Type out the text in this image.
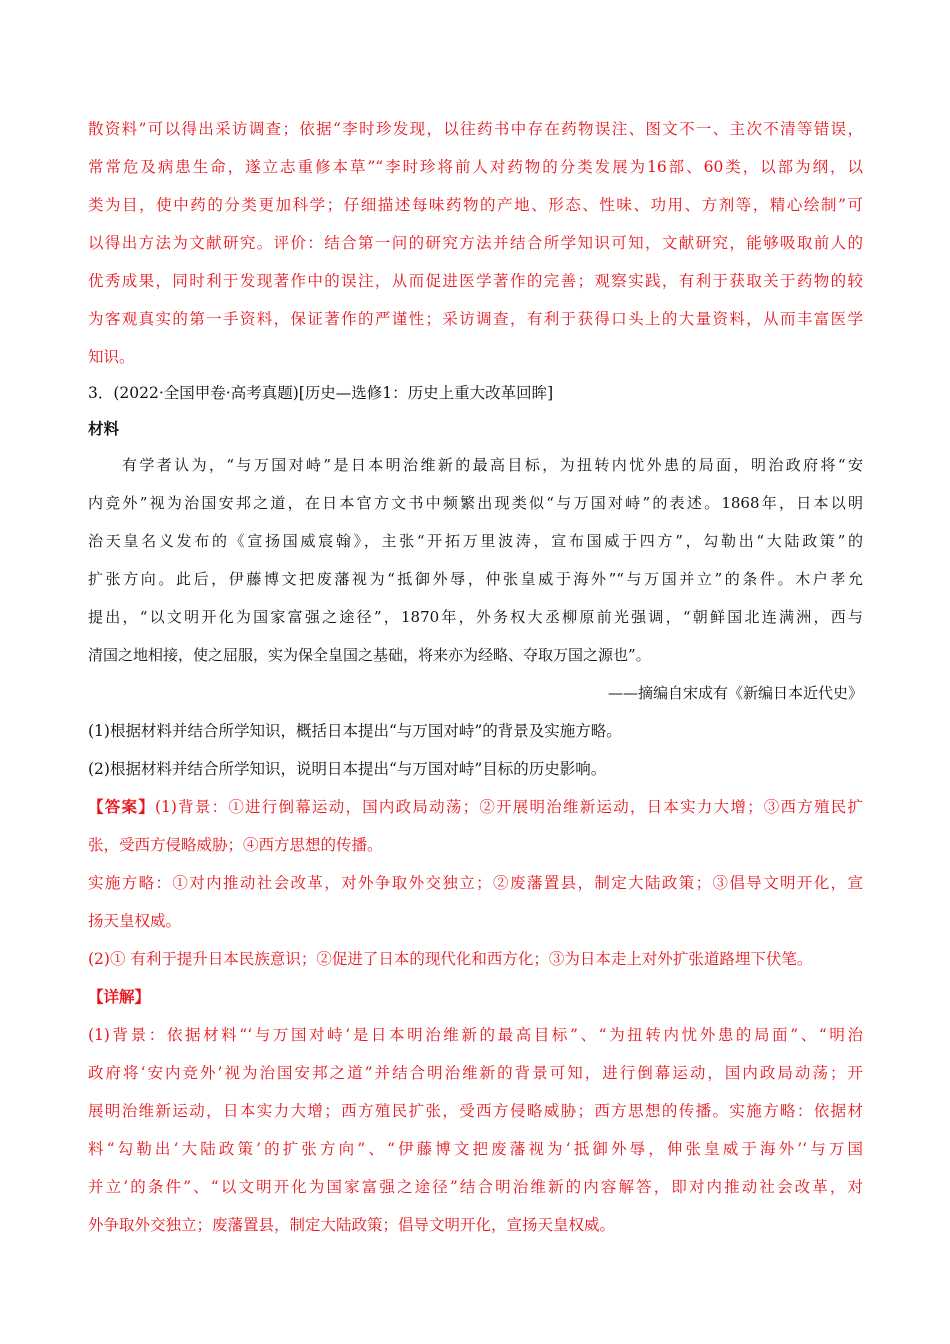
散资料”可以得出采访调查；依据“李时珍发现，以往药书中存在药物误注、图文不一、主次不清等错误，
常常危及病患生命，遂立志重修本草”“李时珍将前人对药物的分类发展为16部、60类，以部为纲，以
类为目，使中药的分类更加科学；仔细描述每味药物的产地、形态、性味、功用、方剂等，精心绘制”可
以得出方法为文献研究。评价：结合第一问的研究方法并结合所学知识可知，文献研究，能够吸取前人的
优秀成果，同时利于发现著作中的误注，从而促进医学著作的完善；观察实践，有利于获取关于药物的较
为客观真实的第一手资料，保证著作的严谨性；采访调查，有利于获得口头上的大量资料，从而丰富医学
知识。
3．(2022·全国甲卷·高考真题)[历史—选修1：历史上重大改革回眸]
材料
有学者认为，“与万国对峙”是日本明治维新的最高目标，为扭转内忧外患的局面，明治政府将“安
内竞外”视为治国安邦之道，在日本官方文书中频繁出现类似“与万国对峙”的表述。1868年，日本以明
治天皇名义发布的《宣扬国威宸翰》，主张“开拓万里波涛，宣布国威于四方”，勾勒出“大陆政策”的
扩张方向。此后，伊藤博文把废藩视为“抵御外辱，仲张皇威于海外”“与万国并立”的条件。木户孝允
提出，“以文明开化为国家富强之途径”，1870年，外务权大丞柳原前光强调，“朝鲜国北连满洲，西与
清国之地相接，使之屈服，实为保全皇国之基础，将来亦为经略、夺取万国之源也”。
——摘编自宋成有《新编日本近代史》
(1)根据材料并结合所学知识，概括日本提出“与万国对峙”的背景及实施方略。
(2)根据材料并结合所学知识，说明日本提出“与万国对峙”目标的历史影响。
【答案】(1)背景：①进行倒幕运动，国内政局动荡；②开展明治维新运动，日本实力大增；③西方殖民扩
张，受西方侵略威胁；④西方思想的传播。
实施方略：①对内推动社会改革，对外争取外交独立；②废藩置县，制定大陆政策；③倡导文明开化，宣
扬天皇权威。
(2)① 有利于提升日本民族意识；②促进了日本的现代化和西方化；③为日本走上对外扩张道路埋下伏笔。
【详解】
(1)背景：依据材料“‘与万国对峙’是日本明治维新的最高目标”、“为扭转内忧外患的局面”、“明治
政府将‘安内竞外’视为治国安邦之道”并结合明治维新的背景可知，进行倒幕运动，国内政局动荡；开
展明治维新运动，日本实力大增；西方殖民扩张，受西方侵略威胁；西方思想的传播。实施方略：依据材
料“勾勒出‘大陆政策’的扩张方向”、“伊藤博文把废藩视为‘抵御外辱，伸张皇威于海外’‘与万国
并立’的条件”、“以文明开化为国家富强之途径”结合明治维新的内容解答，即对内推动社会改革，对
外争取外交独立；废藩置县，制定大陆政策；倡导文明开化，宣扬天皇权威。
